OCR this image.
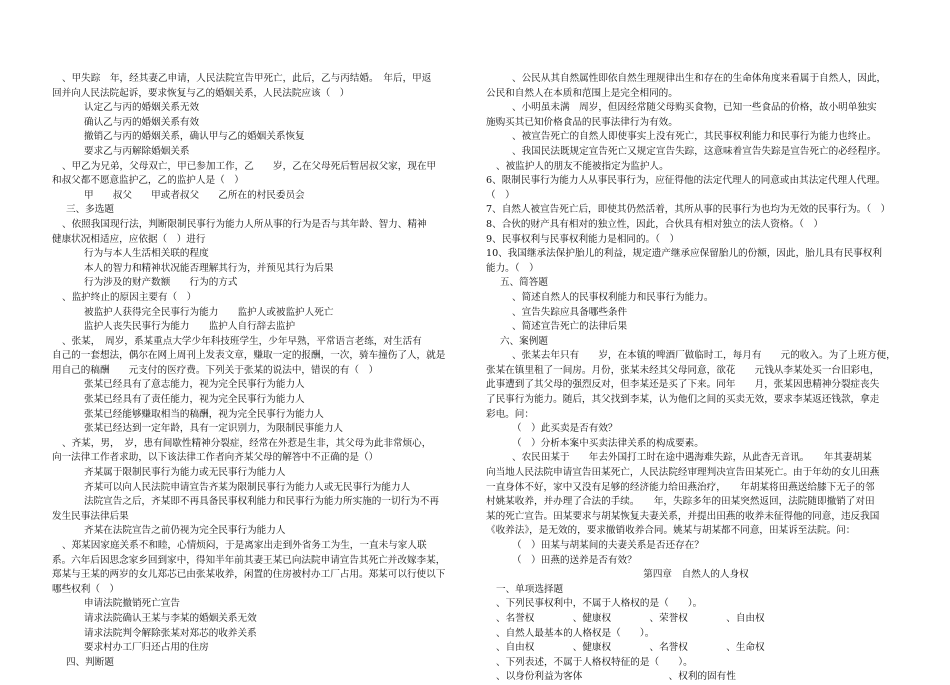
、甲失踪　年，经其妻乙申请，人民法院宣告甲死亡，此后，乙与丙结婚。　年后，甲返
回并向人民法院起诉，要求恢复与乙的婚姻关系，人民法院应该（　）
认定乙与丙的婚姻关系无效
确认乙与丙的婚姻关系有效
撤销乙与丙的婚姻关系，确认甲与乙的婚姻关系恢复
要求乙与丙解除婚姻关系
、甲乙为兄弟，父母双亡，甲已参加工作，乙　　岁，乙在父母死后暂居叔父家，现在甲
和叔父都不愿意监护乙，乙的监护人是（　）
甲　　叔父　　甲或者叔父　　乙所在的村民委员会
三、多选题
、依照我国现行法，判断限制民事行为能力人所从事的行为是否与其年龄、智力、精神
健康状况相适应，应依据（　）进行
行为与本人生活相关联的程度
本人的智力和精神状况能否理解其行为，并预见其行为后果
行为涉及的财产数额　　行为的方式
、监护终止的原因主要有（　）
被监护人获得完全民事行为能力　　监护人或被监护人死亡
监护人丧失民事行为能力　　监护人自行辞去监护
、张某，　周岁，系某重点大学少年科技班学生，少年早熟，平常语言老练，对生活有
自己的一套想法，偶尔在网上周刊上发表文章，赚取一定的报酬，一次，骑车撞伤了人，就是
用自己的稿酬　　元支付的医疗费。下列关于张某的说法中，错误的有（　）
张某已经具有了意志能力，视为完全民事行为能力人
张某已经具有了责任能力，视为完全民事行为能力人
张某已经能够赚取相当的稿酬，视为完全民事行为能力人
张某已经达到一定年龄，具有一定识别力，为限制民事能力人
、齐某，男，　岁，患有间歇性精神分裂症，经常在外惹是生非，其父母为此非常烦心，
向一法律工作者求助，以下该法律工作者向齐某父母的解答中不正确的是（）
齐某属于限制民事行为能力或无民事行为能力人
齐某可以向人民法院申请宣告齐某为限制民事行为能力人或无民事行为能力人
法院宣告之后，齐某即不再具备民事权利能力和民事行为能力所实施的一切行为不再
发生民事法律后果
齐某在法院宣告之前仍视为完全民事行为能力人
、郑某因家庭关系不和睦，心情烦闷，于是离家出走到外省务工为生，一直未与家人联
系。六年后因思念家乡回到家中，得知半年前其妻王某已向法院申请宣告其死亡并改嫁李某，
郑某与王某的两岁的女儿郑芯已由张某收养，闲置的住房被村办工厂占用。郑某可以行使以下
哪些权利（　）
申请法院撤销死亡宣告
请求法院确认王某与李某的婚姻关系无效
请求法院判令解除张某对郑芯的收养关系
要求村办工厂归还占用的住房
四、判断题
、公民从其自然属性即依自然生理规律出生和存在的生命体角度来看属于自然人，因此，
公民和自然人在本质和范围上是完全相同的。
、小明虽未满　周岁，但因经常随父母购买食物，已知一些食品的价格，故小明单独实
施购买其已知价格食品的民事法律行为有效。
、被宣告死亡的自然人即使事实上没有死亡，其民事权利能力和民事行为能力也终止。
、我国民法既规定宣告死亡又规定宣告失踪，这意味着宣告失踪是宣告死亡的必经程序。
、被监护人的朋友不能被指定为监护人。
6、限制民事行为能力人从事民事行为，应征得他的法定代理人的同意或由其法定代理人代理。
（　）
7、自然人被宣告死亡后，即使其仍然活着，其所从事的民事行为也均为无效的民事行为。（　）
8、合伙的财产具有相对的独立性，因此，合伙具有相对独立的法人资格。（　）
9、民事权利与民事权利能力是相同的。（　）
10、我国继承法保护胎儿的利益，规定遗产继承应保留胎儿的份额，因此，胎儿具有民事权利
能力。（　）
五、简答题
、简述自然人的民事权利能力和民事行为能力。
、宣告失踪应具备哪些条件
、简述宣告死亡的法律后果
六、案例题
、张某去年只有　　岁，在本镇的啤酒厂做临时工，每月有　　元的收入。为了上班方便，
张某在镇里租了一间房。月份，张某未经其父母同意，欲花　　元钱从李某处买一台旧彩电，
此事遭到了其父母的强烈反对，但李某还是买了下来。同年　　月，张某因患精神分裂症丧失
了民事行为能力。随后，其父找到李某，认为他们之间的买卖无效，要求李某返还钱款，拿走
彩电。问：
（　）此买卖是否有效？
（　）分析本案中买卖法律关系的构成要素。
、农民田某于　　年去外国打工时在途中遇海难失踪，从此杳无音讯。　　年其妻胡某
向当地人民法院申请宣告田某死亡，人民法院经审理判决宣告田某死亡。由于年幼的女儿田燕
一直身体不好，家中又没有足够的经济能力给田燕治疗，　　年胡某将田燕送给膝下无子的邻
村姚某收养，并办理了合法的手续。　　年，失踪多年的田某突然返回，法院随即撤销了对田
某的死亡宣告。田某要求与胡某恢复夫妻关系，并提出田燕的收养未征得他的同意，违反我国
《收养法》，是无效的，要求撤销收养合同。姚某与胡某都不同意，田某诉至法院。问：
（　）田某与胡某间的夫妻关系是否还存在？
（　）田燕的送养是否有效？
第四章　自然人的人身权
一、单项选择题
、下列民事权利中，不属于人格权的是（　　）。
、名誉权　　　　、健康权　　　　、荣誉权　　　　、自由权
、自然人最基本的人格权是（　　）。
、自由权　　　　、健康权　　　　、名誉权　　　　、生命权
、下列表述，不属于人格权特征的是（　　）。
、以身份利益为客体　　　　　　　　　、权利的固有性
